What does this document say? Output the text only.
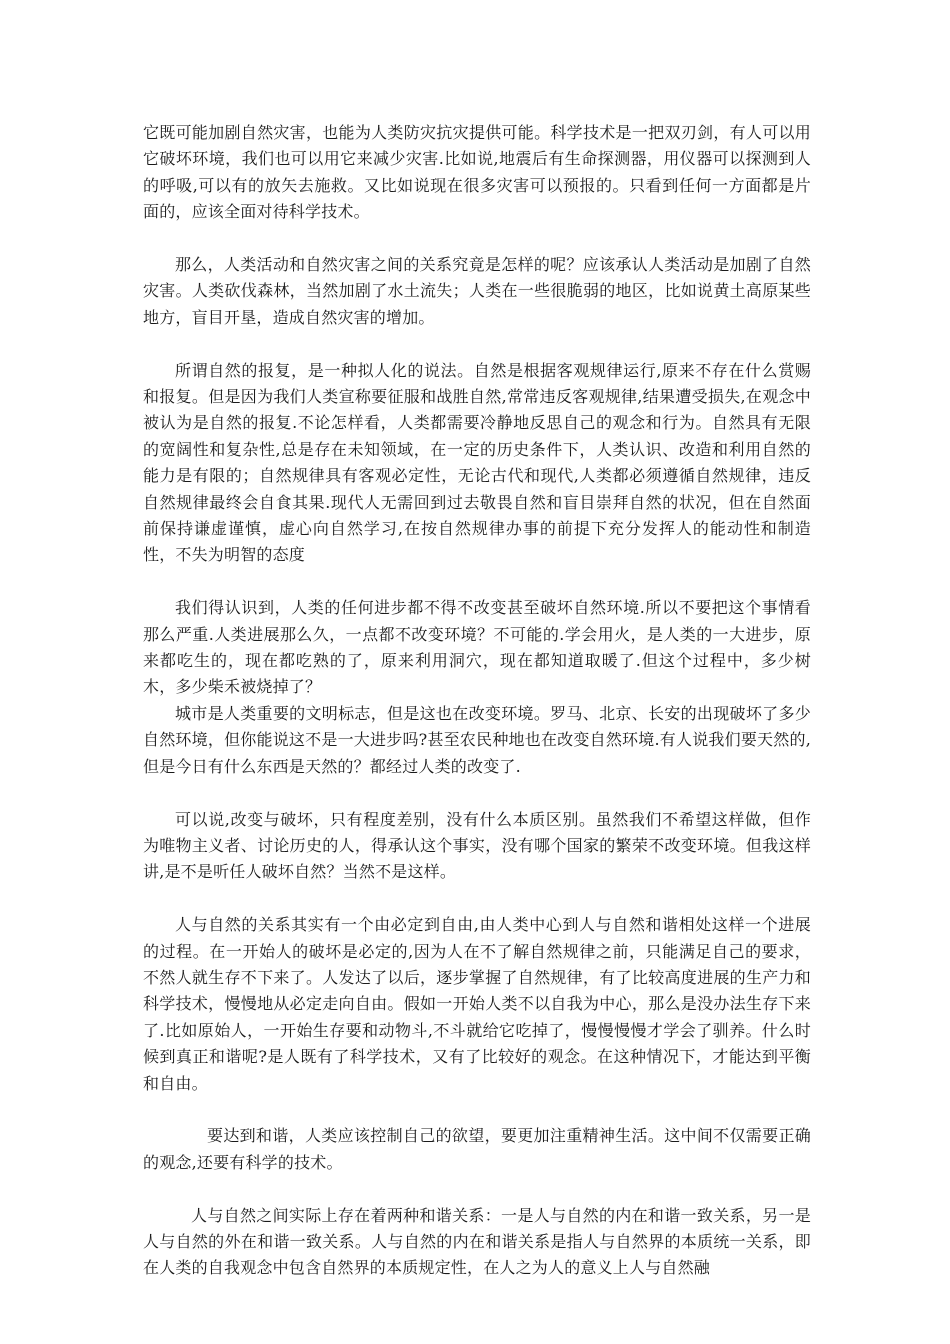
它既可能加剧自然灾害，也能为人类防灾抗灾提供可能。科学技术是一把双刃剑，有人可以用它破坏环境，我们也可以用它来减少灾害.比如说,地震后有生命探测器，用仪器可以探测到人的呼吸,可以有的放矢去施救。又比如说现在很多灾害可以预报的。只看到任何一方面都是片面的，应该全面对待科学技术。

那么，人类活动和自然灾害之间的关系究竟是怎样的呢？应该承认人类活动是加剧了自然灾害。人类砍伐森林，当然加剧了水土流失；人类在一些很脆弱的地区，比如说黄土高原某些地方，盲目开垦，造成自然灾害的增加。

所谓自然的报复，是一种拟人化的说法。自然是根据客观规律运行,原来不存在什么赏赐和报复。但是因为我们人类宣称要征服和战胜自然,常常违反客观规律,结果遭受损失,在观念中被认为是自然的报复.不论怎样看，人类都需要冷静地反思自己的观念和行为。自然具有无限的宽阔性和复杂性,总是存在未知领域，在一定的历史条件下，人类认识、改造和利用自然的能力是有限的；自然规律具有客观必定性，无论古代和现代,人类都必须遵循自然规律，违反自然规律最终会自食其果.现代人无需回到过去敬畏自然和盲目崇拜自然的状况，但在自然面前保持谦虚谨慎，虚心向自然学习,在按自然规律办事的前提下充分发挥人的能动性和制造性，不失为明智的态度

我们得认识到，人类的任何进步都不得不改变甚至破坏自然环境.所以不要把这个事情看那么严重.人类进展那么久，一点都不改变环境？不可能的.学会用火，是人类的一大进步，原来都吃生的，现在都吃熟的了，原来利用洞穴，现在都知道取暖了.但这个过程中，多少树木，多少柴禾被烧掉了？

城市是人类重要的文明标志，但是这也在改变环境。罗马、北京、长安的出现破坏了多少自然环境，但你能说这不是一大进步吗?甚至农民种地也在改变自然环境.有人说我们要天然的,但是今日有什么东西是天然的？都经过人类的改变了.

可以说,改变与破坏，只有程度差别，没有什么本质区别。虽然我们不希望这样做，但作为唯物主义者、讨论历史的人，得承认这个事实，没有哪个国家的繁荣不改变环境。但我这样讲,是不是听任人破坏自然？当然不是这样。

人与自然的关系其实有一个由必定到自由,由人类中心到人与自然和谐相处这样一个进展的过程。在一开始人的破坏是必定的,因为人在不了解自然规律之前，只能满足自己的要求，不然人就生存不下来了。人发达了以后，逐步掌握了自然规律，有了比较高度进展的生产力和科学技术，慢慢地从必定走向自由。假如一开始人类不以自我为中心，那么是没办法生存下来了.比如原始人，一开始生存要和动物斗,不斗就给它吃掉了，慢慢慢慢才学会了驯养。什么时候到真正和谐呢?是人既有了科学技术，又有了比较好的观念。在这种情况下，才能达到平衡和自由。

要达到和谐，人类应该控制自己的欲望，要更加注重精神生活。这中间不仅需要正确的观念,还要有科学的技术。

人与自然之间实际上存在着两种和谐关系：一是人与自然的内在和谐一致关系，另一是人与自然的外在和谐一致关系。人与自然的内在和谐关系是指人与自然界的本质统一关系，即在人类的自我观念中包含自然界的本质规定性，在人之为人的意义上人与自然融
